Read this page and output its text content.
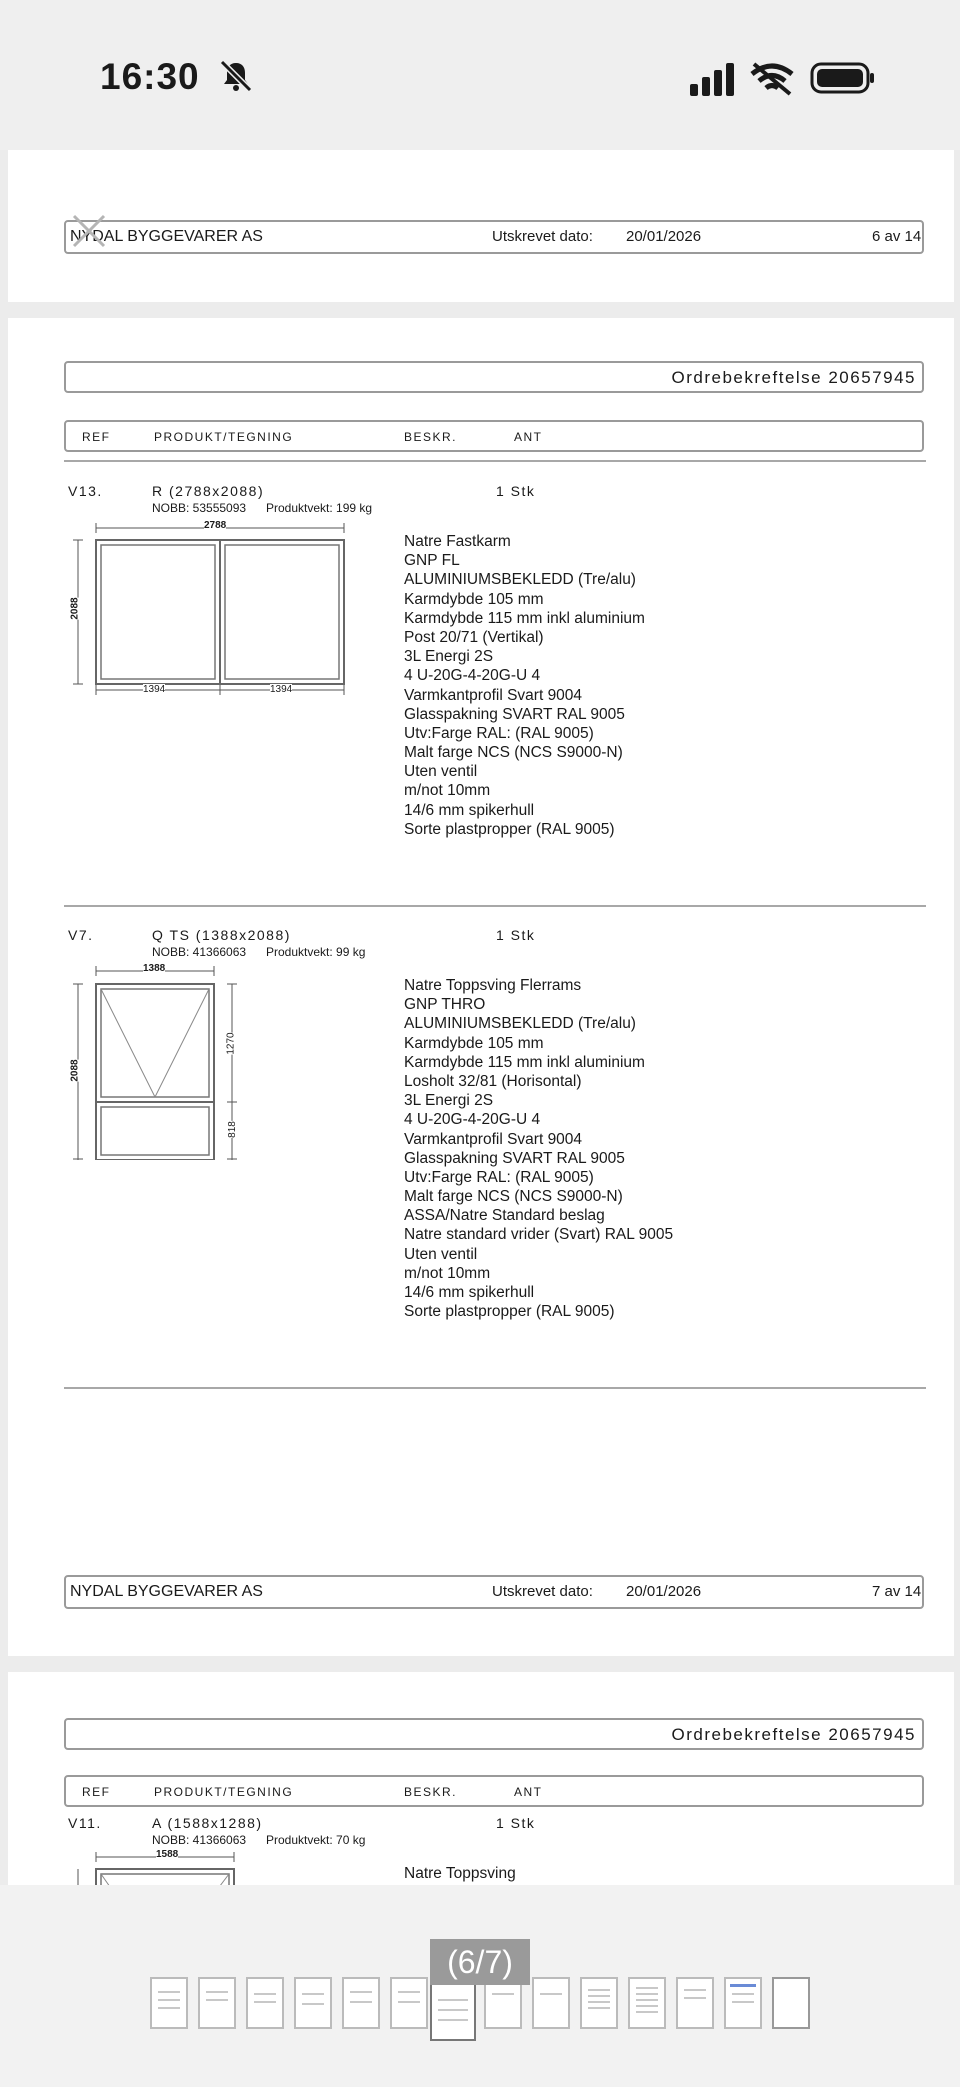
16:30
NYDAL BYGGEVARER AS	Utskrevet dato: 20/01/2026	6 av 14
Ordrebekreftelse 20657945
REF	PRODUKT/TEGNING	BESKR.	ANT
V13.	R (2788x2088)	1 Stk
NOBB: 53555093 Produktvekt: 199 kg
2788
2088
1394	1394
Natre Fastkarm
GNP FL
ALUMINIUMSBEKLEDD (Tre/alu)
Karmdybde 105 mm
Karmdybde 115 mm inkl aluminium
Post 20/71 (Vertikal)
3L Energi 2S
4 U-20G-4-20G-U 4
Varmkantprofil Svart 9004
Glasspakning SVART RAL 9005
Utv:Farge RAL: (RAL 9005)
Malt farge NCS (NCS S9000-N)
Uten ventil
m/not 10mm
14/6 mm spikerhull
Sorte plastpropper (RAL 9005)
V7.	Q TS (1388x2088)	1 Stk
NOBB: 41366063 Produktvekt: 99 kg
1388
2088
1270
818
Natre Toppsving Flerrams
GNP THRO
ALUMINIUMSBEKLEDD (Tre/alu)
Karmdybde 105 mm
Karmdybde 115 mm inkl aluminium
Losholt 32/81 (Horisontal)
3L Energi 2S
4 U-20G-4-20G-U 4
Varmkantprofil Svart 9004
Glasspakning SVART RAL 9005
Utv:Farge RAL: (RAL 9005)
Malt farge NCS (NCS S9000-N)
ASSA/Natre Standard beslag
Natre standard vrider (Svart) RAL 9005
Uten ventil
m/not 10mm
14/6 mm spikerhull
Sorte plastpropper (RAL 9005)
NYDAL BYGGEVARER AS	Utskrevet dato: 20/01/2026	7 av 14
Ordrebekreftelse 20657945
REF	PRODUKT/TEGNING	BESKR.	ANT
V11.	A (1588x1288)	1 Stk
NOBB: 41366063 Produktvekt: 70 kg
1588
Natre Toppsving
(6/7)
